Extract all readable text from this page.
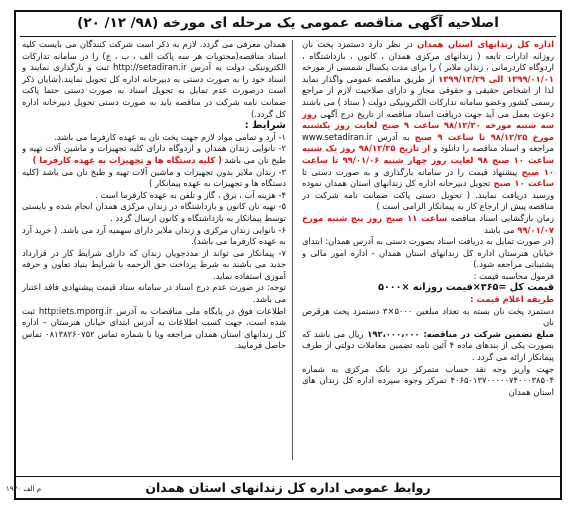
اصلاحیه آگهی مناقصه عمومی یک مرحله ای مورخه (۹۸/ ۱۲/ ۲۰)

اداره کل زندانهای استان همدان در نظر دارد دستمزد پخت نان روزانه ادارات تابعه ( زندانهای مرکزی همدان ، کانون ، بازداشتگاه ، اردوگاه کاردرمانی ، زندان ملایر ) را برای مدت یکسال شمسی از مورخه ۱۳۹۹/۰۱/۰۱ الی ۱۳۹۹/۱۲/۲۹ از طریق مناقصه عمومی واگذار نماید لذا از اشخاص حقیقی و حقوقی مجاز و دارای صلاحیت لازم از مراجع رسمی کشور وعضو سامانه تدارکات الکترونیکی دولت ( ستاد ) می باشند دعوت بعمل می آید جهت دریافت اسناد مناقصه از تاریخ درج آگهی روز سه شنبه مورخه ۹۸/۱۲/۲۰ ساعت ۹ صبح لغایت روز یکشنبه مورخ ۹۸/۱۲/۲۵ تا ساعت ۹ صبح به آدرس www.setadiran.ir مراجعه و اسناد مناقصه را دانلود و از تاریخ ۹۸/۱۲/۲۵ روز یک شنبه ساعت ۱۰ صبح ۹۸ لغایت روز چهار شنبه ۹۹/۰۱/۰۶ تا ساعت ۱۰ صبح پیشنهاد قیمت را در سامانه بارگذاری و به صورت دستی تا ساعت ۱۰ صبح تحویل دبیرخانه اداره کل زندانهای استان همدان نموده ورسید دریافت نمایند. ( تحویل دستی پاکت ضمانت نامه شرکت در مناقصه پیش از ارجاع کار به پیمانکار الزامی است )

زمان بازگشایی اسناد مناقصه ساعت ۱۱ صبح روز پنج شنبه مورخ ۹۹/۰۱/۰۷ می باشد

(در صورت تمایل به دریافت اسناد بصورت دستی به آدرس همدان: ابتدای خیابان هنرستان اداره کل زندانهای استان همدان - اداره امور مالی و پشتیبانی مراجعه شود.)

فرمول محاسبه قیمت :

قیمت کل =۳۶۵×قیمت روزانه ×۵۰۰۰

طریقه اعلام قیمت :

دستمزد پخت نان بسته به تعداد مبلغین ۵۰۰۰×۳ دستمزد پخت هرقرص نان

مبلغ تضمین شرکت در مناقصه: ۱۹۲،۰۰۰،۰۰۰ ریال می باشد که بصورت یکی از بندهای ماده ۴ آئین نامه تضمین معاملات دولتی از طرف پیمانکار ارائه می گردد .

جهت واریز وجه نقد حساب متمرکز نزد بانک مرکزی به شماره ۴۰۶۵۰۱۳۷۰۰۰۰۰۷۴۰۰۰۳۸۵۰۴ تمرکز وجوه سپرده اداره کل زندان های استان همدان

همدان معرفی می گردد. لازم به ذکر است شرکت کنندگان می بایست کلیه اسناد مناقصه(محتویات هر سه پاکت الف ، ب ، ج) را در سامانه تدارکات الکترونیکی دولت به آدرس http://setadiran.ir ثبت و بارگذاری نمایند و اسناد خود را به صورت دستی به دبیرخانه اداره کل تحویل نمایند.(شایان ذکر است درصورت عدم تمایل به تحویل اسناد به صورت دستی حتما پاکت ضمانت نامه شرکت در مناقصه باید به صورت دستی تحویل دبیرخانه اداره کل گردد.)

شرایط :

۱- آرد و تمامی مواد لازم جهت پخت نان به عهده کارفرما می باشد.

۲- نانوایی زندان همدان و اردوگاه دارای کلیه تجهیزات و ماشین آلات تهیه و طبخ نان می باشد ( کلیه دستگاه ها و تجهیزات به عهده کارفرما )

۳- زندان ملایر بدون تجهیزات و ماشین آلات تهیه و طبخ نان می باشد (کلیه دستگاه ها و تجهیزات به عهده پیمانکار )

۴- هزینه آب ، برق ، گاز و تلفن به عهده کارفرما است .

۵- تهیه نان کانون و بازداشتگاه در زندان مرکزی همدان انجام شده و بایستی توسط پیمانکار به بازداشتگاه و کانون ارسال گردد .

۶- نانوایی زندان مرکزی و زندان ملایر دارای سهمیه آرد می باشد. ( خرید آرد به عهده کارفرما می باشد).

۷- پیمانکار می تواند از مددجویان زندان که دارای شرایط کار در قرارداد جدید می باشند به شرط پرداخت حق الزحمه با شرایط بنیاد تعاون و حرفه آموزی استفاده نماید.

توجه: در صورت عدم درج اسناد در سامانه ستاد قیمت پیشنهادی فاقد اعتبار می باشد.

اطلاعات فوق در پایگاه ملی مناقصات به آدرس http:iets.mporg.ir ثبت شده است. جهت کسب اطلاعات به آدرس ابتدای خیابان هنرستان – اداره کل زندانهای استان همدان مراجعه ویا با شماره تماس ۰۸۱۳۸۲۶۰۷۵۲ تماس حاصل فرمایید.

روابط عمومی اداره کل زندانهای استان همدان
م الف ۱۹۷۰
